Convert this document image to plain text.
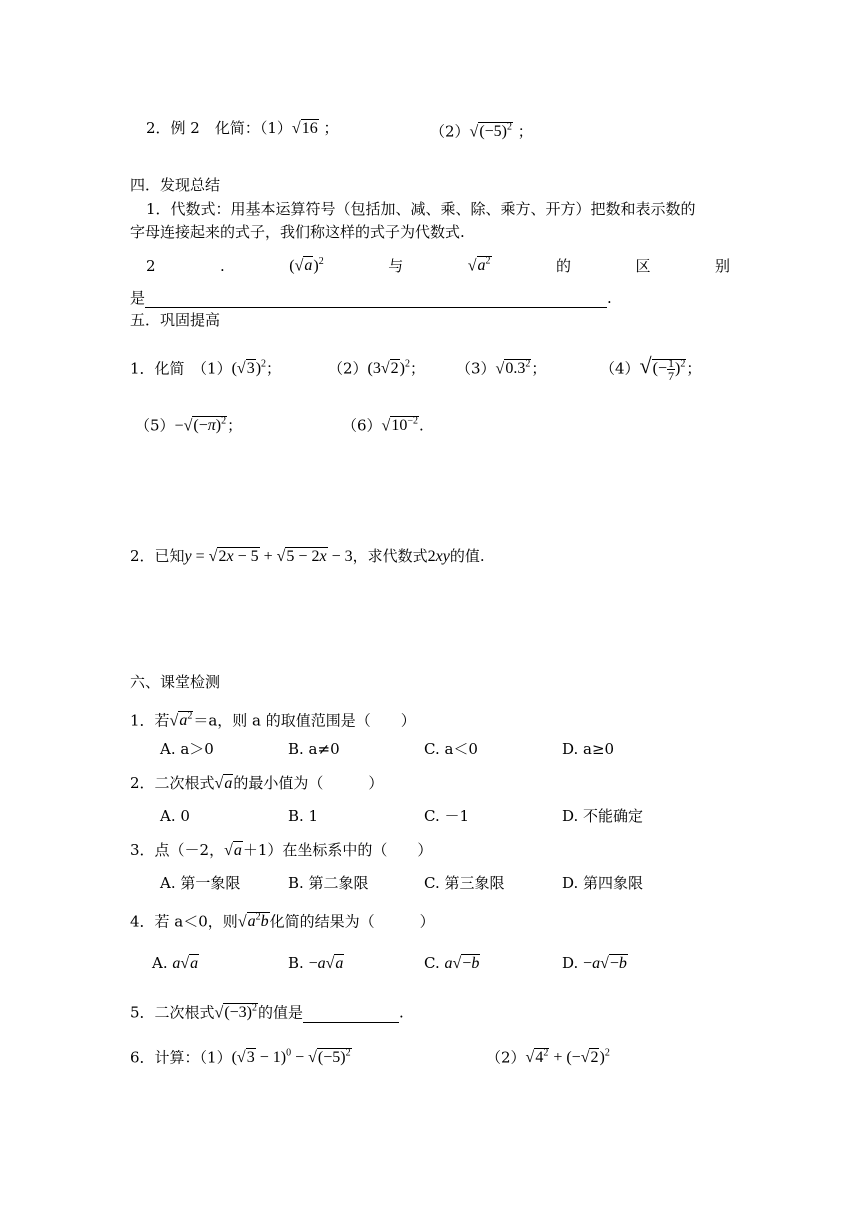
2．例 2　化简：（1）√16 ；	$(2)√(-5)^2$ ；
四．发现总结
1．代数式：用基本运算符号（包括加、减、乘、除、乘方、开方）把数和表示数的
字母连接起来的式子，我们称这样的式子为代数式.
2	.	$(√a)^2$	与	$√a^2$	的	区	别
是	.
五．巩固提高
1．化简　$(1)(√3)^2$；	$(2)(3√2)^2$； $(3)√0.3^2$；	$(4)√(- \frac{1}{7} )^2$；
$(5)-√(-\pi)^2$；	$(6)√10^{-2}$.
2．已知y = √2x − 5 + √5 − 2x − 3，求代数式2xy的值.
六、课堂检测
1．若$√a^2=a$，则 a 的取值范围是（　　）
A. a＞0	B. a≠0	C. a＜0	D. a≥0
2．二次根式√a的最小值为（　　　）
A. 0	B. 1	C. －1	D. 不能确定
3．点（－2，√a＋1）在坐标系中的（　　）
A. 第一象限	B. 第二象限	C. 第三象限	D. 第四象限
4．若 a＜0，则$√a^2b$化简的结果为（　　　）
A. a√a	B. −a√a	C. a√−b	D. −a√−b
5．二次根式$√(-3)^2$的值是	.
6．计算：$(1)(√3 - 1)^0 - √(-5)^2$	$(2)√4^2 + (-√2)^2$
